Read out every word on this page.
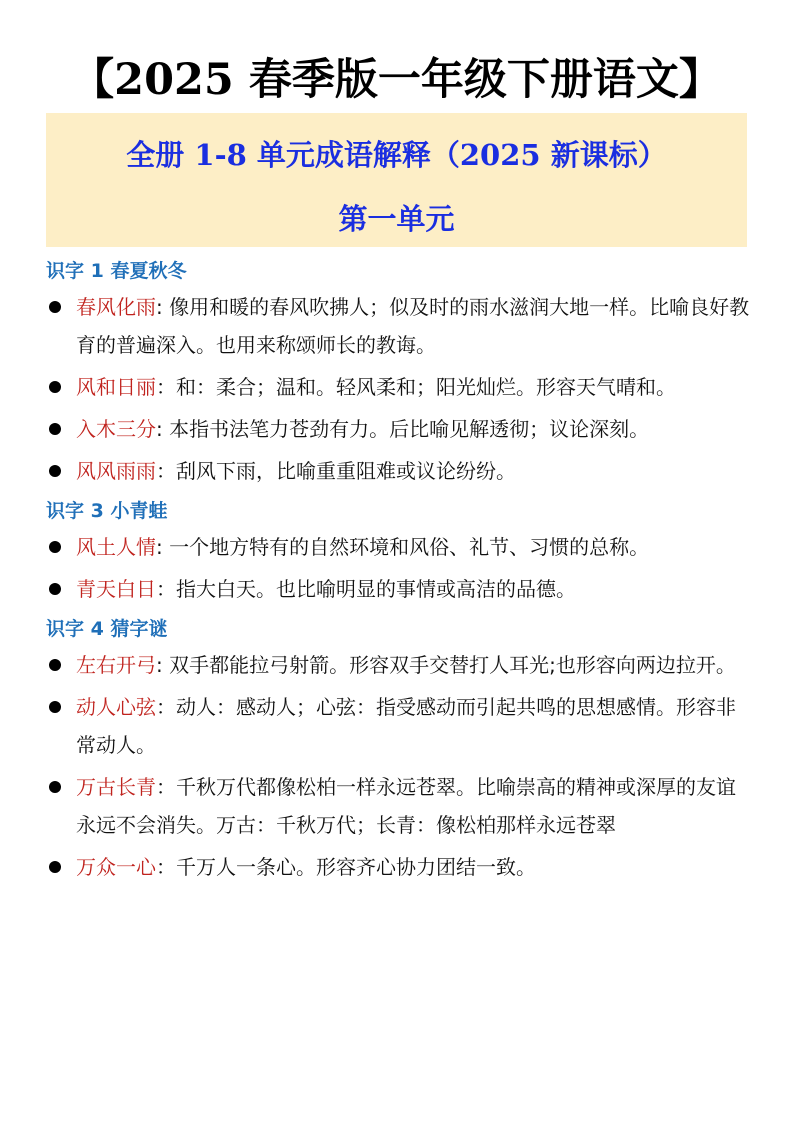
【2025 春季版一年级下册语文】
全册 1-8 单元成语解释（2025 新课标）
第一单元
识字 1 春夏秋冬
春风化雨: 像用和暖的春风吹拂人；似及时的雨水滋润大地一样。比喻良好教育的普遍深入。也用来称颂师长的教诲。
风和日丽：和：柔合；温和。轻风柔和；阳光灿烂。形容天气晴和。
入木三分: 本指书法笔力苍劲有力。后比喻见解透彻；议论深刻。
风风雨雨：刮风下雨，比喻重重阻难或议论纷纷。
识字 3 小青蛙
风土人情: 一个地方特有的自然环境和风俗、礼节、习惯的总称。
青天白日：指大白天。也比喻明显的事情或高洁的品德。
识字 4 猜字谜
左右开弓: 双手都能拉弓射箭。形容双手交替打人耳光;也形容向两边拉开。
动人心弦：动人：感动人；心弦：指受感动而引起共鸣的思想感情。形容非常动人。
万古长青：千秋万代都像松柏一样永远苍翠。比喻崇高的精神或深厚的友谊永远不会消失。万古：千秋万代；长青：像松柏那样永远苍翠
万众一心：千万人一条心。形容齐心协力团结一致。
